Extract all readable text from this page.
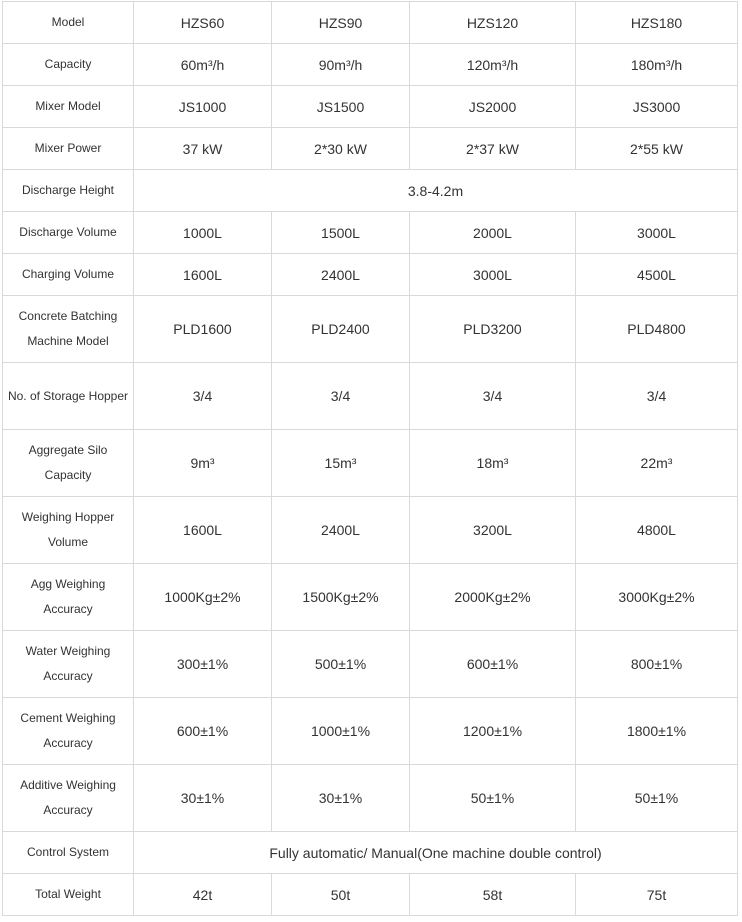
Model	HZS60	HZS90	HZS120	HZS180
Capacity	60m³/h	90m³/h	120m³/h	180m³/h
Mixer Model	JS1000	JS1500	JS2000	JS3000
Mixer Power	37 kW	2*30 kW	2*37 kW	2*55 kW
Discharge Height	3.8-4.2m			
Discharge Volume	1000L	1500L	2000L	3000L
Charging Volume	1600L	2400L	3000L	4500L
Concrete Batching Machine Model	PLD1600	PLD2400	PLD3200	PLD4800
No. of Storage Hopper	3/4	3/4	3/4	3/4
Aggregate Silo Capacity	9m³	15m³	18m³	22m³
Weighing Hopper Volume	1600L	2400L	3200L	4800L
Agg Weighing Accuracy	1000Kg±2%	1500Kg±2%	2000Kg±2%	3000Kg±2%
Water Weighing Accuracy	300±1%	500±1%	600±1%	800±1%
Cement Weighing Accuracy	600±1%	1000±1%	1200±1%	1800±1%
Additive Weighing Accuracy	30±1%	30±1%	50±1%	50±1%
Control System	Fully automatic/ Manual(One machine double control)			
Total Weight	42t	50t	58t	75t
